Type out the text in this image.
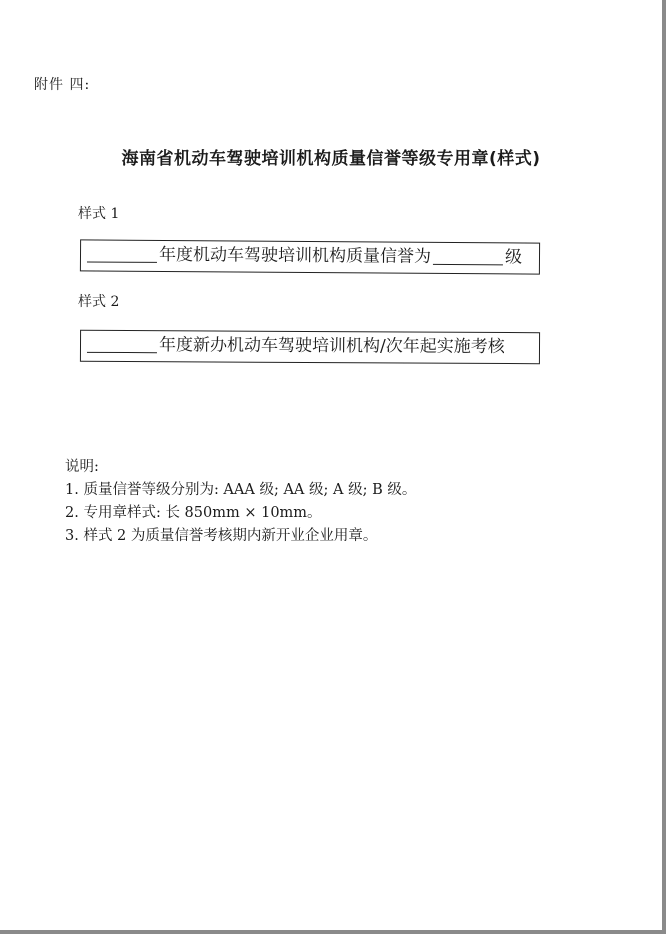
附件 四:
海南省机动车驾驶培训机构质量信誉等级专用章(样式)
样式 1
年度机动车驾驶培训机构质量信誉为	级
样式 2
年度新办机动车驾驶培训机构/次年起实施考核
说明:
1. 质量信誉等级分别为: AAA 级; AA 级; A 级; B 级。
2. 专用章样式: 长 850mm × 10mm。
3. 样式 2 为质量信誉考核期内新开业企业用章。
